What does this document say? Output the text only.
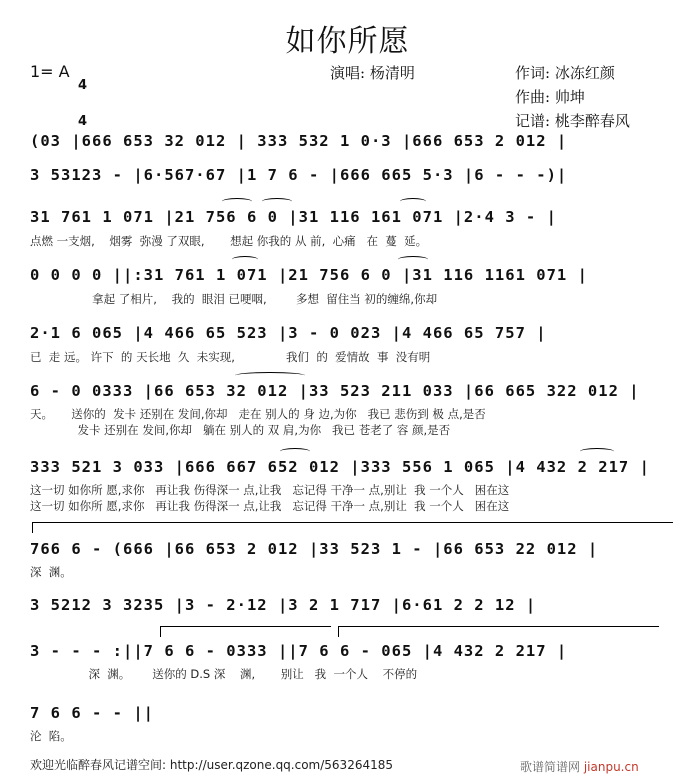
如你所愿
1= A

4

4

演唱: 杨清明	作词: 冰冻红颜
作曲: 帅坤
记谱: 桃李醉春风
(03 |666 653 32 012 | 333 532 1 0·3 |666 653 2 012 |
3 53123 - |6·567·67 |1 7 6 - |666 665 5·3 |6 - - -)|
31 761 1 071 |21 756 6 0 |31 116 161 071 |2·4 3 - |
点燃 一支烟,    烟雾  弥漫 了双眼,       想起 你我的 从 前,  心痛   在  蔓  延。
0 0 0 0 ||:31 761 1 071 |21 756 6 0 |31 116 1161 071 |
拿起 了相片,    我的  眼泪 已哽咽,        多想  留住当 初的缠绵,你却
2·1 6 065 |4 466 65 523 |3 - 0 023 |4 466 65 757 |
已  走 远。 许下  的 天长地  久  未实现,              我们  的  爱情故  事  没有明
6 - 0 0333 |66 653 32 012 |33 523 211 033 |66 665 322 012 |
天。     送你的  发卡 还别在 发间,你却   走在 别人的 身 边,为你   我已 悲伤到 极 点,是否
发卡 还别在 发间,你却   躺在 别人的 双 肩,为你   我已 苍老了 容 颜,是否
333 521 3 033 |666 667 652 012 |333 556 1 065 |4 432 2 217 |
这一切 如你所 愿,求你   再让我 伤得深一 点,让我   忘记得 干净一 点,别让  我 一个人   困在这
这一切 如你所 愿,求你   再让我 伤得深一 点,让我   忘记得 干净一 点,别让  我 一个人   困在这
766 6 - (666 |66 653 2 012 |33 523 1 - |66 653 22 012 |
深  渊。
3 5212 3 3235 |3 - 2·12 |3 2 1 717 |6·61 2 2 12 |
3 - - - :||7 6 6 - 0333 ||7 6 6 - 065 |4 432 2 217 |
深  渊。      送你的 D.S 深    渊,       别让   我  一个人    不停的
7 6 6 - - ||
沦  陷。
欢迎光临醉春风记谱空间: http://user.qzone.qq.com/563264185	歌谱简谱网 jianpu.cn
